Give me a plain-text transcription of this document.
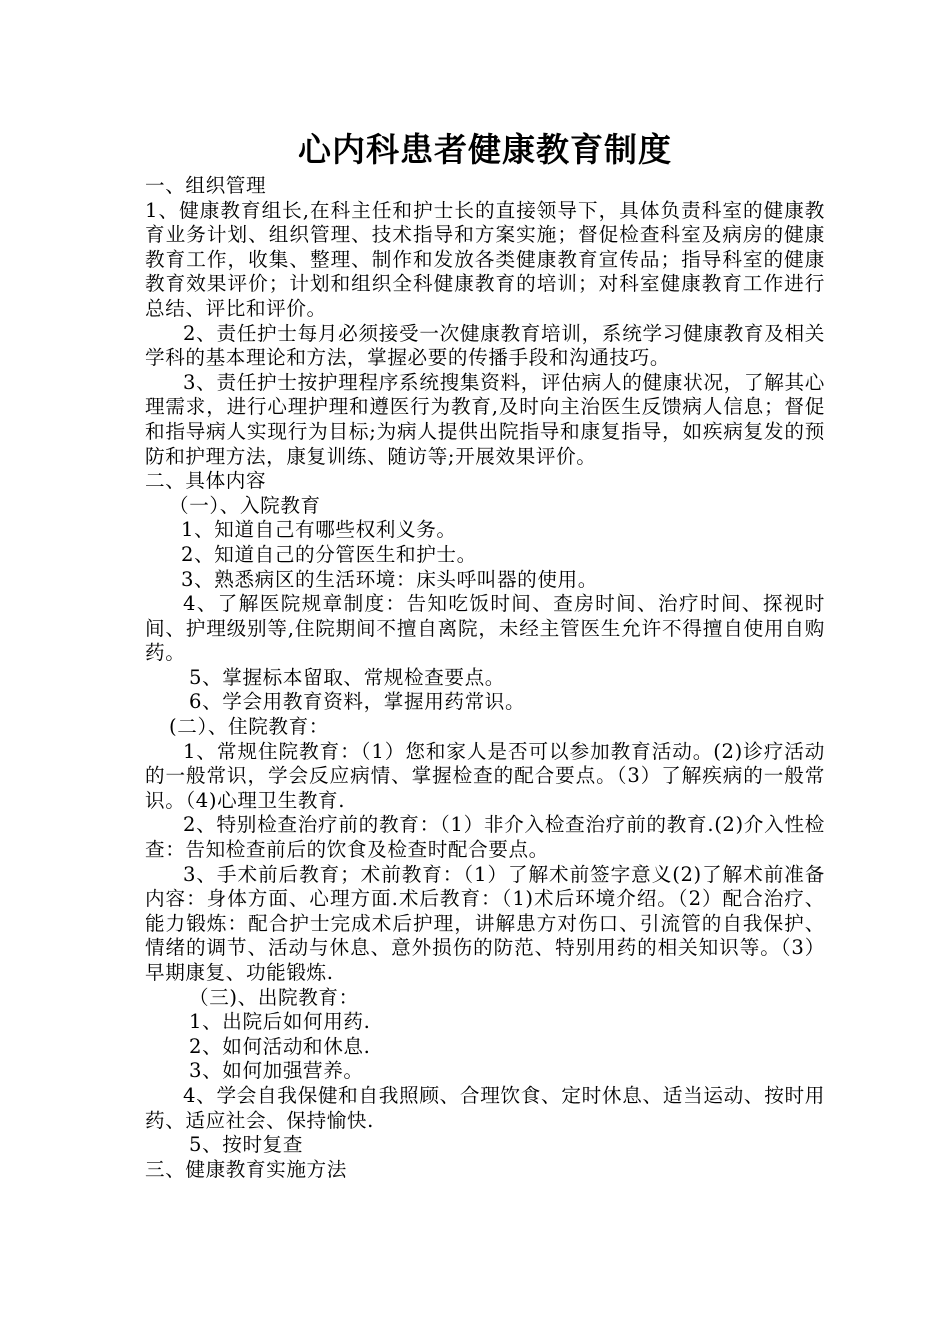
心内科患者健康教育制度

一、组织管理

1、健康教育组长,在科主任和护士长的直接领导下，具体负责科室的健康教育业务计划、组织管理、技术指导和方案实施；督促检查科室及病房的健康教育工作，收集、整理、制作和发放各类健康教育宣传品；指导科室的健康教育效果评价；计划和组织全科健康教育的培训；对科室健康教育工作进行总结、评比和评价。

2、责任护士每月必须接受一次健康教育培训，系统学习健康教育及相关学科的基本理论和方法，掌握必要的传播手段和沟通技巧。

3、责任护士按护理程序系统搜集资料，评估病人的健康状况，了解其心理需求，进行心理护理和遵医行为教育,及时向主治医生反馈病人信息；督促和指导病人实现行为目标;为病人提供出院指导和康复指导，如疾病复发的预防和护理方法，康复训练、随访等;开展效果评价。

二、具体内容

（一）、入院教育

1、知道自己有哪些权利义务。

2、知道自己的分管医生和护士。

3、熟悉病区的生活环境：床头呼叫器的使用。

4、了解医院规章制度：告知吃饭时间、查房时间、治疗时间、探视时间、护理级别等,住院期间不擅自离院，未经主管医生允许不得擅自使用自购药。

5、掌握标本留取、常规检查要点。

6、学会用教育资料，掌握用药常识。

(二）、住院教育：

1、常规住院教育：（1）您和家人是否可以参加教育活动。(2)诊疗活动的一般常识，学会反应病情、掌握检查的配合要点。（3）了解疾病的一般常识。（4)心理卫生教育.

2、特别检查治疗前的教育：（1）非介入检查治疗前的教育.(2)介入性检查：告知检查前后的饮食及检查时配合要点。

3、手术前后教育；术前教育：（1）了解术前签字意义(2)了解术前准备内容：身体方面、心理方面.术后教育：（1)术后环境介绍。（2）配合治疗、能力锻炼：配合护士完成术后护理，讲解患方对伤口、引流管的自我保护、情绪的调节、活动与休息、意外损伤的防范、特别用药的相关知识等。（3）早期康复、功能锻炼.

（三)、出院教育：

1、出院后如何用药.

2、如何活动和休息.

3、如何加强营养。

4、学会自我保健和自我照顾、合理饮食、定时休息、适当运动、按时用药、适应社会、保持愉快.

5、按时复查

三、健康教育实施方法
